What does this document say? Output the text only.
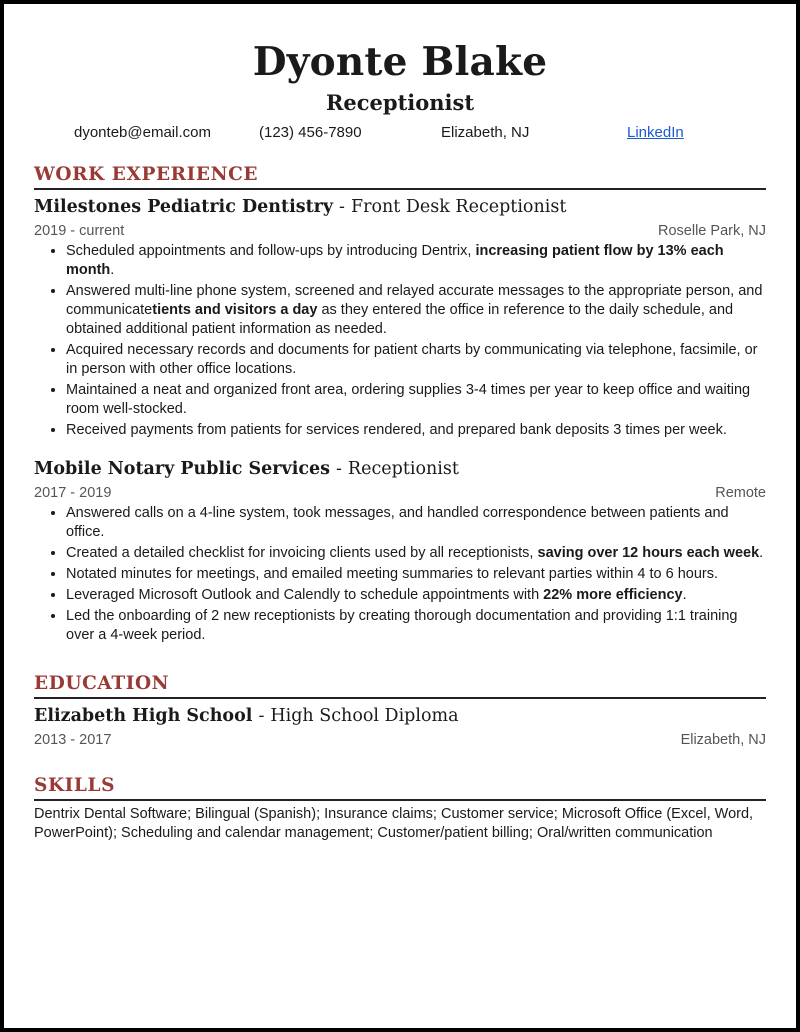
Dyonte Blake
Receptionist
dyonteb@email.com	(123) 456-7890	Elizabeth, NJ	LinkedIn
WORK EXPERIENCE
Milestones Pediatric Dentistry - Front Desk Receptionist
2019 - current	Roselle Park, NJ
• Scheduled appointments and follow-ups by introducing Dentrix, increasing patient flow by 13% each month.
• Answered multi-line phone system, screened and relayed accurate messages to the appropriate person, and communicatetients and visitors a day as they entered the office in reference to the daily schedule, and obtained additional patient information as needed.
• Acquired necessary records and documents for patient charts by communicating via telephone, facsimile, or in person with other office locations.
• Maintained a neat and organized front area, ordering supplies 3-4 times per year to keep office and waiting room well-stocked.
• Received payments from patients for services rendered, and prepared bank deposits 3 times per week.
Mobile Notary Public Services - Receptionist
2017 - 2019	Remote
• Answered calls on a 4-line system, took messages, and handled correspondence between patients and office.
• Created a detailed checklist for invoicing clients used by all receptionists, saving over 12 hours each week.
• Notated minutes for meetings, and emailed meeting summaries to relevant parties within 4 to 6 hours.
• Leveraged Microsoft Outlook and Calendly to schedule appointments with 22% more efficiency.
• Led the onboarding of 2 new receptionists by creating thorough documentation and providing 1:1 training over a 4-week period.
EDUCATION
Elizabeth High School - High School Diploma
2013 - 2017	Elizabeth, NJ
SKILLS
Dentrix Dental Software; Bilingual (Spanish); Insurance claims; Customer service; Microsoft Office (Excel, Word, PowerPoint); Scheduling and calendar management; Customer/patient billing; Oral/written communication
